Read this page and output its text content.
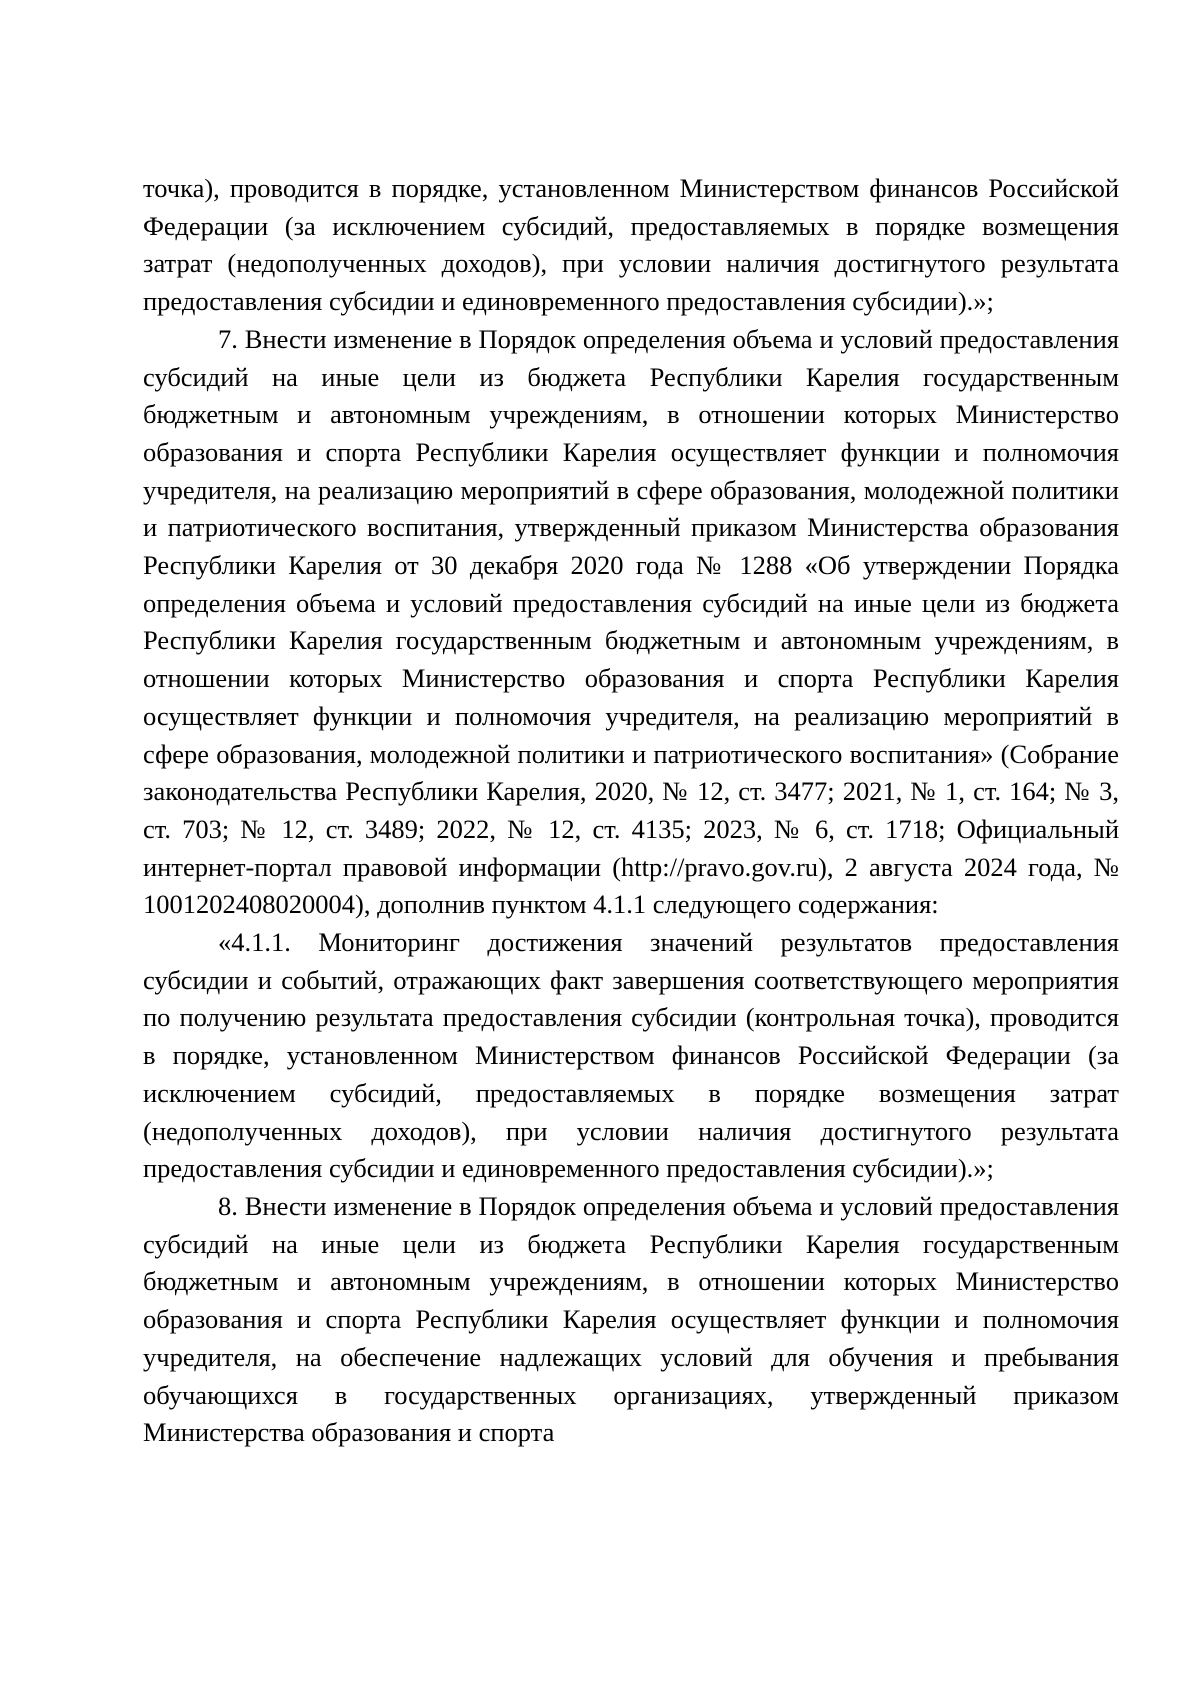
точка), проводится в порядке, установленном Министерством финансов Российской Федерации (за исключением субсидий, предоставляемых в порядке возмещения затрат (недополученных доходов), при условии наличия достигнутого результата предоставления субсидии и единовременного предоставления субсидии).»;

7. Внести изменение в Порядок определения объема и условий предоставления субсидий на иные цели из бюджета Республики Карелия государственным бюджетным и автономным учреждениям, в отношении которых Министерство образования и спорта Республики Карелия осуществляет функции и полномочия учредителя, на реализацию мероприятий в сфере образования, молодежной политики и патриотического воспитания, утвержденный приказом Министерства образования Республики Карелия от 30 декабря 2020 года № 1288 «Об утверждении Порядка определения объема и условий предоставления субсидий на иные цели из бюджета Республики Карелия государственным бюджетным и автономным учреждениям, в отношении которых Министерство образования и спорта Республики Карелия осуществляет функции и полномочия учредителя, на реализацию мероприятий в сфере образования, молодежной политики и патриотического воспитания» (Собрание законодательства Республики Карелия, 2020, № 12, ст. 3477; 2021, № 1, ст. 164; № 3, ст. 703; № 12, ст. 3489; 2022, № 12, ст. 4135; 2023, № 6, ст. 1718; Официальный интернет-портал правовой информации (http://pravo.gov.ru), 2 августа 2024 года, № 1001202408020004), дополнив пунктом 4.1.1 следующего содержания:

«4.1.1. Мониторинг достижения значений результатов предоставления субсидии и событий, отражающих факт завершения соответствующего мероприятия по получению результата предоставления субсидии (контрольная точка), проводится в порядке, установленном Министерством финансов Российской Федерации (за исключением субсидий, предоставляемых в порядке возмещения затрат (недополученных доходов), при условии наличия достигнутого результата предоставления субсидии и единовременного предоставления субсидии).»;

8. Внести изменение в Порядок определения объема и условий предоставления субсидий на иные цели из бюджета Республики Карелия государственным бюджетным и автономным учреждениям, в отношении которых Министерство образования и спорта Республики Карелия осуществляет функции и полномочия учредителя, на обеспечение надлежащих условий для обучения и пребывания обучающихся в государственных организациях, утвержденный приказом Министерства образования и спорта
